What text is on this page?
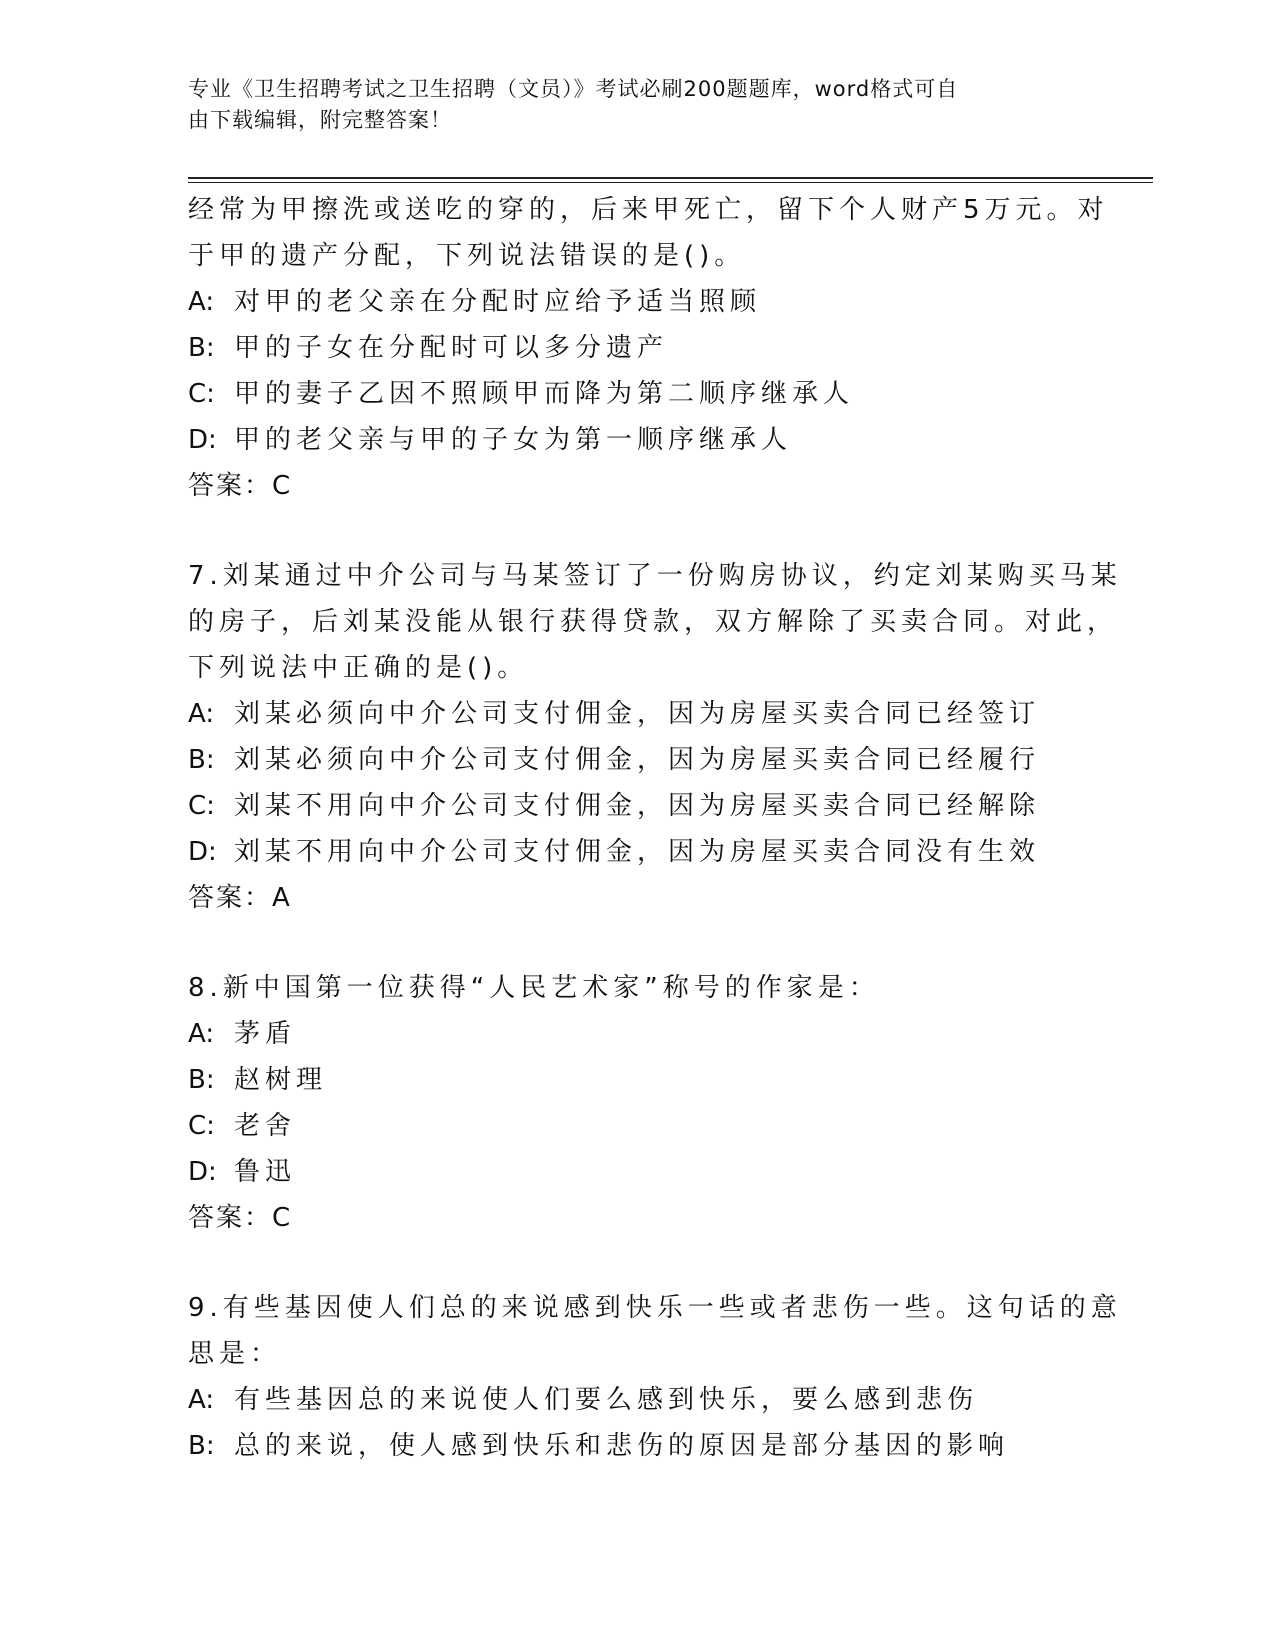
专业《卫生招聘考试之卫生招聘（文员）》考试必刷200题题库，word格式可自
由下载编辑，附完整答案！
经常为甲擦洗或送吃的穿的，后来甲死亡，留下个人财产5万元。对
于甲的遗产分配，下列说法错误的是()。
A: 对甲的老父亲在分配时应给予适当照顾
B: 甲的子女在分配时可以多分遗产
C: 甲的妻子乙因不照顾甲而降为第二顺序继承人
D: 甲的老父亲与甲的子女为第一顺序继承人
答案：C
7.刘某通过中介公司与马某签订了一份购房协议，约定刘某购买马某
的房子，后刘某没能从银行获得贷款，双方解除了买卖合同。对此，
下列说法中正确的是()。
A: 刘某必须向中介公司支付佣金，因为房屋买卖合同已经签订
B: 刘某必须向中介公司支付佣金，因为房屋买卖合同已经履行
C: 刘某不用向中介公司支付佣金，因为房屋买卖合同已经解除
D: 刘某不用向中介公司支付佣金，因为房屋买卖合同没有生效
答案：A
8.新中国第一位获得“人民艺术家”称号的作家是：
A: 茅盾
B: 赵树理
C: 老舍
D: 鲁迅
答案：C
9.有些基因使人们总的来说感到快乐一些或者悲伤一些。这句话的意
思是：
A: 有些基因总的来说使人们要么感到快乐，要么感到悲伤
B: 总的来说，使人感到快乐和悲伤的原因是部分基因的影响
